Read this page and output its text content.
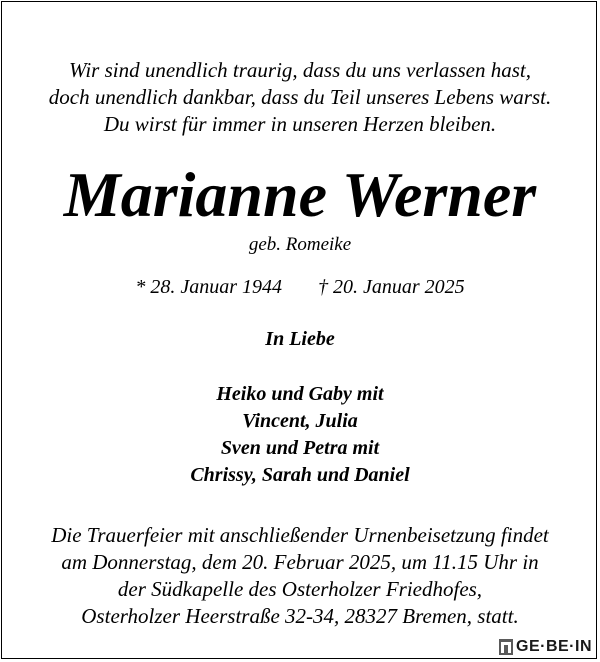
Wir sind unendlich traurig, dass du uns verlassen hast,

doch unendlich dankbar, dass du Teil unseres Lebens warst.

Du wirst für immer in unseren Herzen bleiben.

Marianne Werner

geb. Romeike

* 28. Januar 1944 † 20. Januar 2025

In Liebe

Heiko und Gaby mit

Vincent, Julia

Sven und Petra mit

Chrissy, Sarah und Daniel

Die Trauerfeier mit anschließender Urnenbeisetzung findet

am Donnerstag, dem 20. Februar 2025, um 11.15 Uhr in

der Südkapelle des Osterholzer Friedhofes,

Osterholzer Heerstraße 32-34, 28327 Bremen, statt.

GE·BE·IN
